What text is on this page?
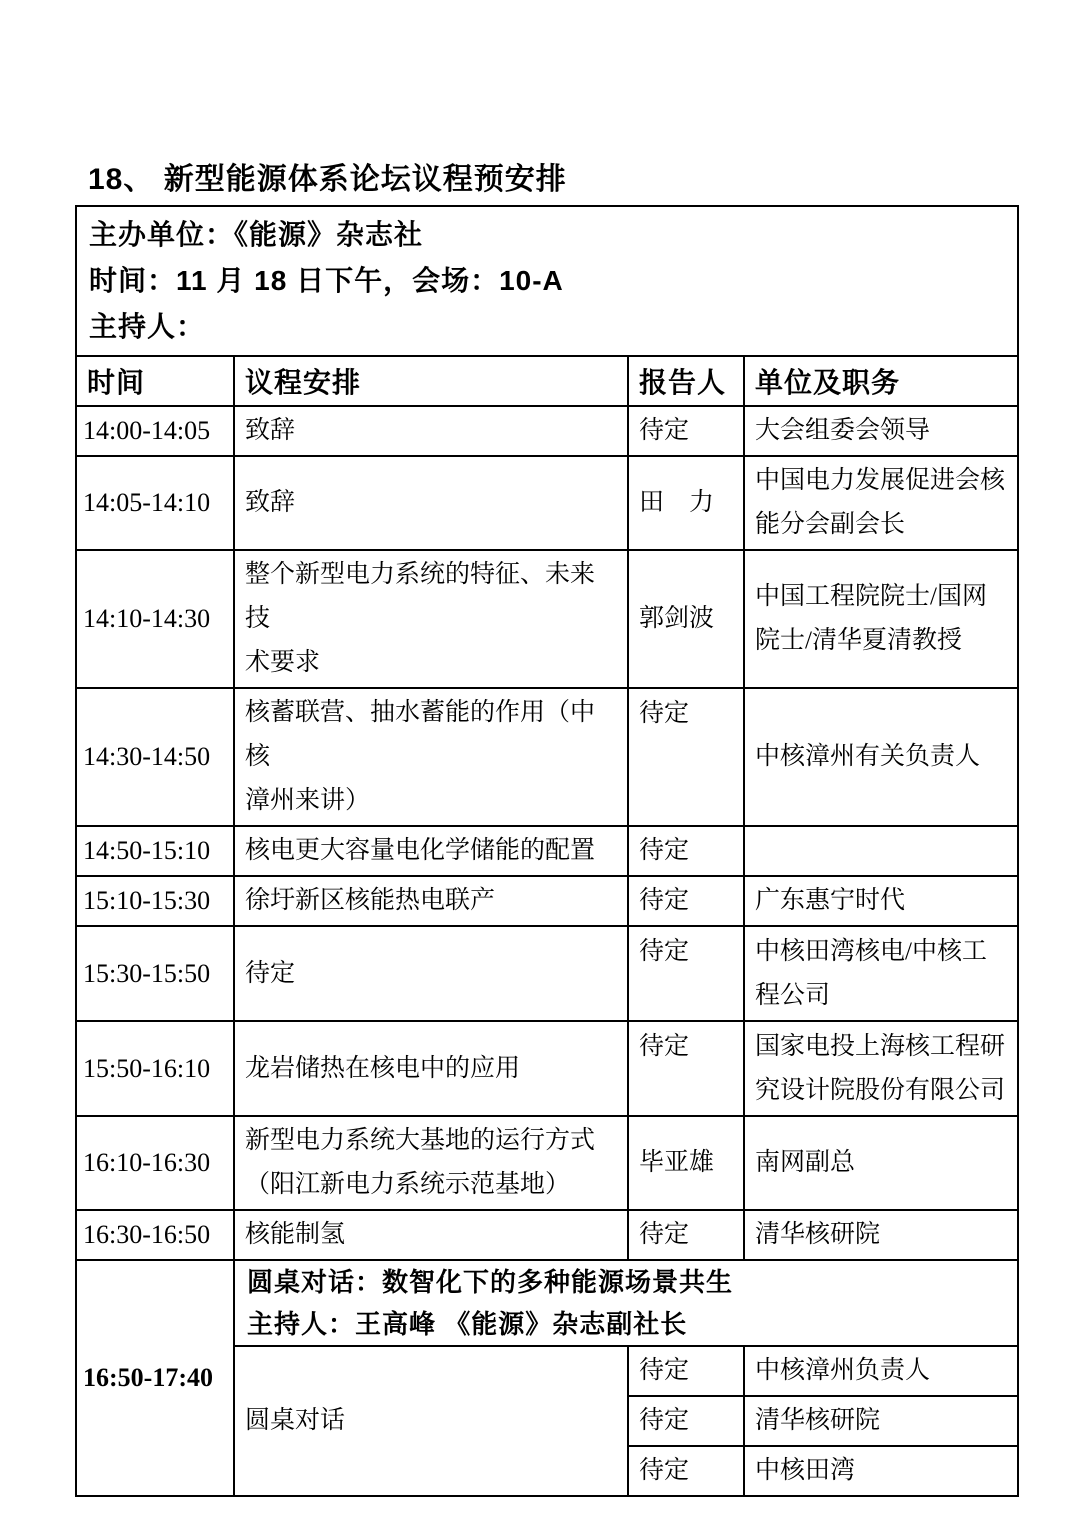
18、 新型能源体系论坛议程预安排
主办单位：《能源》杂志社
时间：11 月 18 日下午，会场：10-A
主持人：			

时间	议程安排	报告人	单位及职务
14:00-14:05	致辞	待定	大会组委会领导
14:05-14:10	致辞	田　力	中国电力发展促进会核
能分会副会长
14:10-14:30	整个新型电力系统的特征、未来技
术要求	郭剑波	中国工程院院士/国网
院士/清华夏清教授
14:30-14:50	核蓄联营、抽水蓄能的作用（中核
漳州来讲）	待定	中核漳州有关负责人
14:50-15:10	核电更大容量电化学储能的配置	待定	
15:10-15:30	徐圩新区核能热电联产	待定	广东惠宁时代
15:30-15:50	待定	待定	中核田湾核电/中核工
程公司
15:50-16:10	龙岩储热在核电中的应用	待定	国家电投上海核工程研
究设计院股份有限公司
16:10-16:30	新型电力系统大基地的运行方式
（阳江新电力系统示范基地）	毕亚雄	南网副总
16:30-16:50	核能制氢	待定	清华核研院
16:50-17:40	圆桌对话：数智化下的多种能源场景共生
主持人：王高峰 《能源》杂志副社长		

	圆桌对话	待定	中核漳州负责人
		待定	清华核研院
		待定	中核田湾
